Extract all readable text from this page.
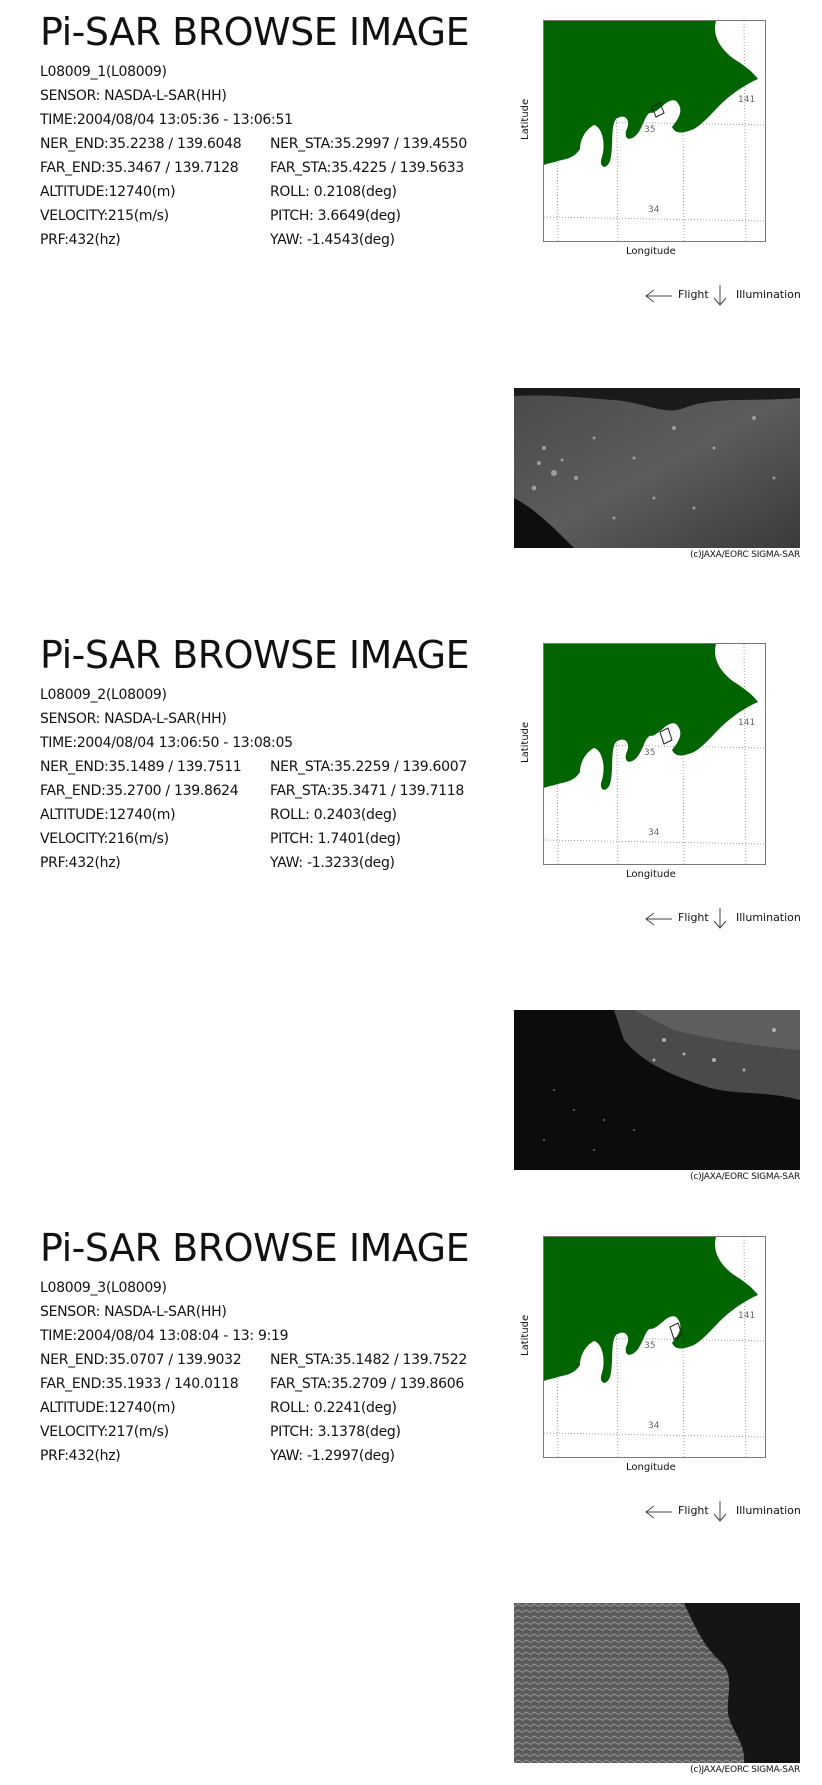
Pi-SAR BROWSE IMAGE
L08009_1(L08009)
SENSOR: NASDA-L-SAR(HH)
TIME:2004/08/04 13:05:36 - 13:06:51
NER_END:35.2238 / 139.6048 NER_STA:35.2997 / 139.4550
FAR_END:35.3467 / 139.7128 FAR_STA:35.4225 / 139.5633
ALTITUDE:12740(m)	ROLL: 0.2108(deg)
VELOCITY:215(m/s)	PITCH: 3.6649(deg)
PRF:432(hz)	YAW: -1.4543(deg)
35
34
141
Latitude
Longitude
Flight Illumination
(c)JAXA/EORC SIGMA-SAR
Pi-SAR BROWSE IMAGE
L08009_2(L08009)
SENSOR: NASDA-L-SAR(HH)
TIME:2004/08/04 13:06:50 - 13:08:05
NER_END:35.1489 / 139.7511 NER_STA:35.2259 / 139.6007
FAR_END:35.2700 / 139.8624 FAR_STA:35.3471 / 139.7118
ALTITUDE:12740(m)	ROLL: 0.2403(deg)
VELOCITY:216(m/s)	PITCH: 1.7401(deg)
PRF:432(hz)	YAW: -1.3233(deg)
35
34
141
Latitude
Longitude
Flight Illumination
(c)JAXA/EORC SIGMA-SAR
Pi-SAR BROWSE IMAGE
L08009_3(L08009)
SENSOR: NASDA-L-SAR(HH)
TIME:2004/08/04 13:08:04 - 13: 9:19
NER_END:35.0707 / 139.9032 NER_STA:35.1482 / 139.7522
FAR_END:35.1933 / 140.0118 FAR_STA:35.2709 / 139.8606
ALTITUDE:12740(m)	ROLL: 0.2241(deg)
VELOCITY:217(m/s)	PITCH: 3.1378(deg)
PRF:432(hz)	YAW: -1.2997(deg)
35
34
141
Latitude
Longitude
Flight Illumination
(c)JAXA/EORC SIGMA-SAR
